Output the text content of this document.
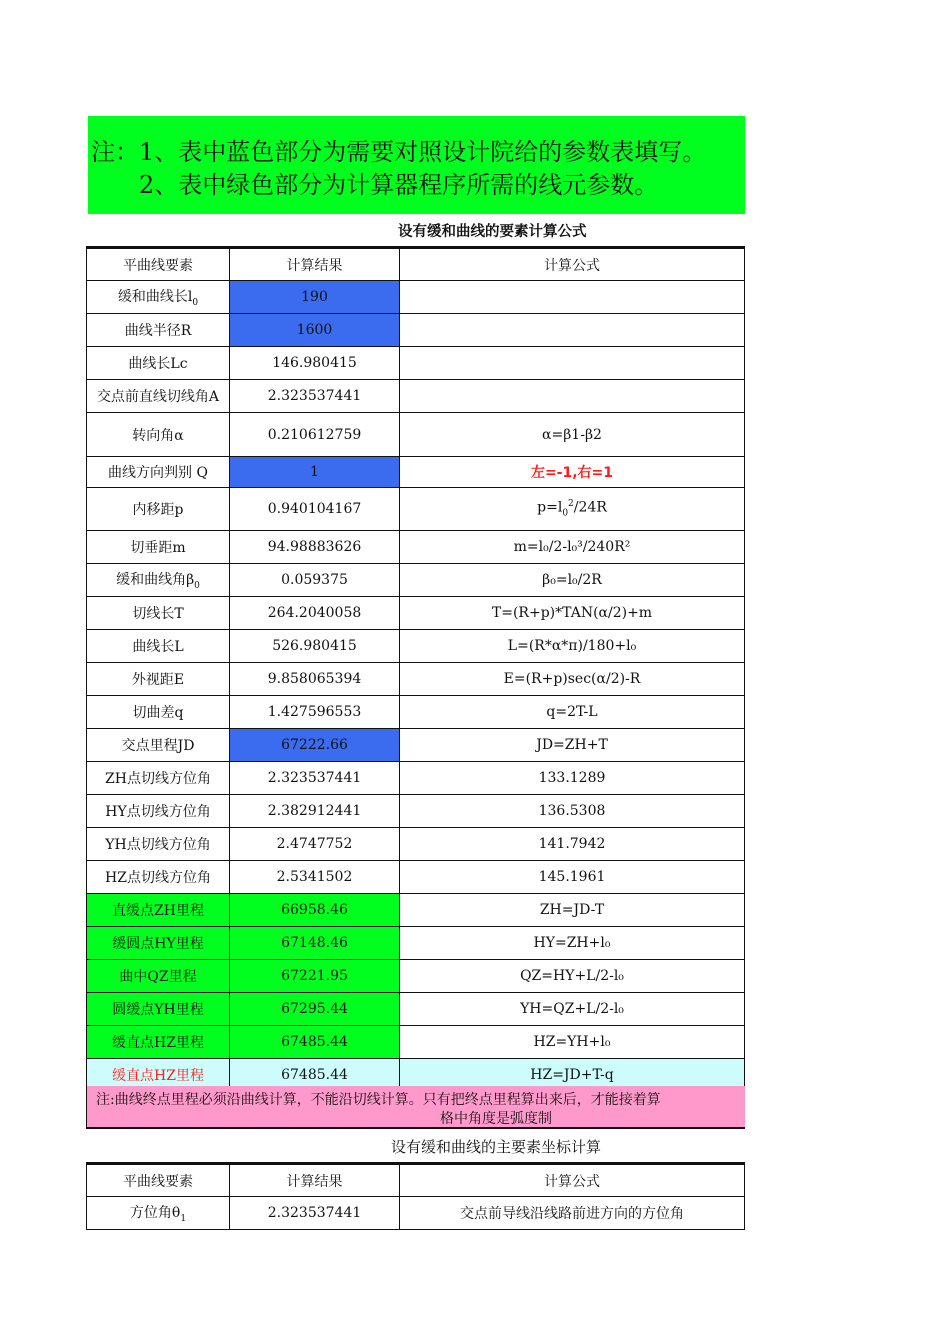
注：1、表中蓝色部分为需要对照设计院给的参数表填写。
2、表中绿色部分为计算器程序所需的线元参数。
设有缓和曲线的要素计算公式
平曲线要素	计算结果	计算公式
缓和曲线长$l_0$	190	
曲线半径R	1600	
曲线长Lc	146.980415	
交点前直线切线角A	2.323537441	
转向角α	0.210612759	α=β1-β2
曲线方向判别 Q	1	左=-1,右=1
内移距p	0.940104167	$p=l_0^2/24R$
切垂距m	94.98883626	m=l₀/2-l₀³/240R²
缓和曲线角$\beta_0$	0.059375	β₀=l₀/2R
切线长T	264.2040058	T=(R+p)*TAN(α/2)+m
曲线长L	526.980415	L=(R*α*π)/180+l₀
外视距E	9.858065394	E=(R+p)sec(α/2)-R
切曲差q	1.427596553	q=2T-L
交点里程JD	67222.66	JD=ZH+T
ZH点切线方位角	2.323537441	133.1289
HY点切线方位角	2.382912441	136.5308
YH点切线方位角	2.4747752	141.7942
HZ点切线方位角	2.5341502	145.1961
直缓点ZH里程	66958.46	ZH=JD-T
缓圆点HY里程	67148.46	HY=ZH+l₀
曲中QZ里程	67221.95	QZ=HY+L/2-l₀
圆缓点YH里程	67295.44	YH=QZ+L/2-l₀
缓直点HZ里程	67485.44	HZ=YH+l₀
缓直点HZ里程	67485.44	HZ=JD+T-q
注:曲线终点里程必须沿曲线计算，不能沿切线计算。只有把终点里程算出来后，才能接着算
格中角度是弧度制
设有缓和曲线的主要素坐标计算
平曲线要素	计算结果	计算公式
方位角$\theta_1$	2.323537441	交点前导线沿线路前进方向的方位角
